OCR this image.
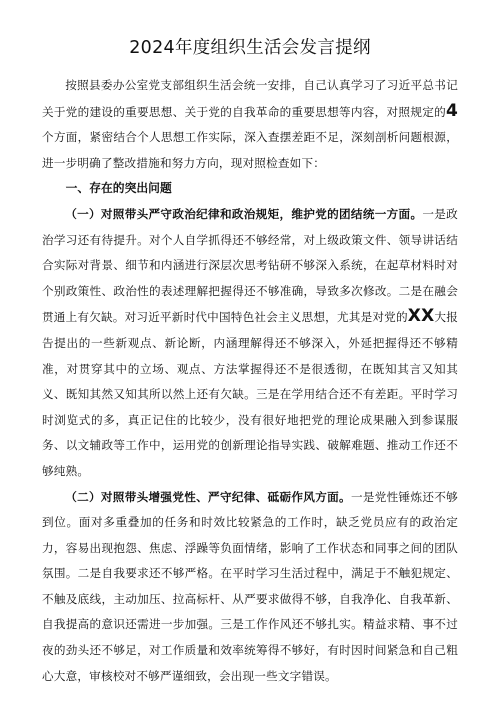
2024年度组织生活会发言提纲

按照县委办公室党支部组织生活会统一安排，自己认真学习了习近平总书记关于党的建设的重要思想、关于党的自我革命的重要思想等内容，对照规定的4个方面，紧密结合个人思想工作实际，深入查摆差距不足，深刻剖析问题根源，进一步明确了整改措施和努力方向，现对照检查如下：

一、存在的突出问题

（一）对照带头严守政治纪律和政治规矩，维护党的团结统一方面。一是政治学习还有待提升。对个人自学抓得还不够经常，对上级政策文件、领导讲话结合实际对背景、细节和内涵进行深层次思考钻研不够深入系统，在起草材料时对个别政策性、政治性的表述理解把握得还不够准确，导致多次修改。二是在融会贯通上有欠缺。对习近平新时代中国特色社会主义思想，尤其是对党的XX大报告提出的一些新观点、新论断，内涵理解得还不够深入，外延把握得还不够精准，对贯穿其中的立场、观点、方法掌握得还不是很透彻，在既知其言又知其义、既知其然又知其所以然上还有欠缺。三是在学用结合还不有差距。平时学习时浏览式的多，真正记住的比较少，没有很好地把党的理论成果融入到参谋服务、以文辅政等工作中，运用党的创新理论指导实践、破解难题、推动工作还不够纯熟。

（二）对照带头增强党性、严守纪律、砥砺作风方面。一是党性锤炼还不够到位。面对多重叠加的任务和时效比较紧急的工作时，缺乏党员应有的政治定力，容易出现抱怨、焦虑、浮躁等负面情绪，影响了工作状态和同事之间的团队氛围。二是自我要求还不够严格。在平时学习生活过程中，满足于不触犯规定、不触及底线，主动加压、拉高标杆、从严要求做得不够，自我净化、自我革新、自我提高的意识还需进一步加强。三是工作作风还不够扎实。精益求精、事不过夜的劲头还不够足，对工作质量和效率统筹得不够好，有时因时间紧急和自己粗心大意，审核校对不够严谨细致，会出现一些文字错误。
